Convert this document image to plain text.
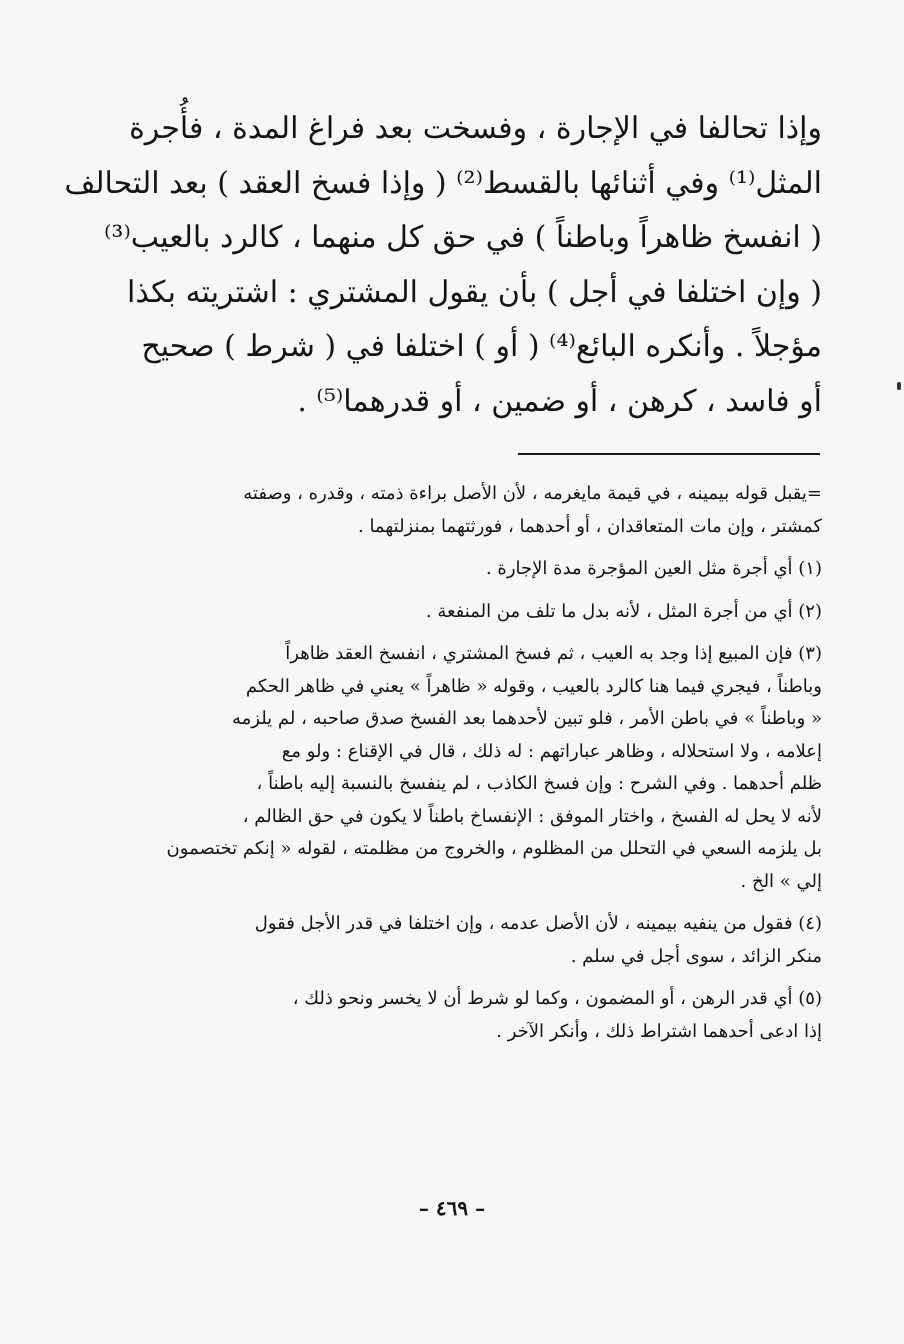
وإذا تحالفا في الإجارة ، وفسخت بعد فراغ المدة ، فأُجرة
المثل⁽¹⁾ وفي أثنائها بالقسط⁽²⁾ ( وإذا فسخ العقد ) بعد التحالف
( انفسخ ظاهراً وباطناً ) في حق كل منهما ، كالرد بالعيب⁽³⁾
( وإن اختلفا في أجل ) بأن يقول المشتري : اشتريته بكذا
مؤجلاً . وأنكره البائع⁽⁴⁾ ( أو ) اختلفا في ( شرط ) صحيح
أو فاسد ، كرهن ، أو ضمين ، أو قدرهما⁽⁵⁾ .
=يقبل قوله بيمينه ، في قيمة مايغرمه ، لأن الأصل براءة ذمته ، وقدره ، وصفته
كمشتر ، وإن مات المتعاقدان ، أو أحدهما ، فورثتهما بمنزلتهما .
(١) أي أجرة مثل العين المؤجرة مدة الإجارة .
(٢) أي من أجرة المثل ، لأنه بدل ما تلف من المنفعة .
(٣) فإن المبيع إذا وجد به العيب ، ثم فسخ المشتري ، انفسخ العقد ظاهراً
وباطناً ، فيجري فيما هنا كالرد بالعيب ، وقوله « ظاهراً » يعني في ظاهر الحكم
« وباطناً » في باطن الأمر ، فلو تبين لأحدهما بعد الفسخ صدق صاحبه ، لم يلزمه
إعلامه ، ولا استحلاله ، وظاهر عباراتهم : له ذلك ، قال في الإقناع : ولو مع
ظلم أحدهما . وفي الشرح : وإن فسخ الكاذب ، لم ينفسخ بالنسبة إليه باطناً ،
لأنه لا يحل له الفسخ ، واختار الموفق : الإنفساخ باطناً لا يكون في حق الظالم ،
بل يلزمه السعي في التحلل من المظلوم ، والخروج من مظلمته ، لقوله « إنكم تختصمون
إلي » الخ .
(٤) فقول من ينفيه بيمينه ، لأن الأصل عدمه ، وإن اختلفا في قدر الأجل فقول
منكر الزائد ، سوى أجل في سلم .
(٥) أي قدر الرهن ، أو المضمون ، وكما لو شرط أن لا يخسر ونحو ذلك ،
إذا ادعى أحدهما اشتراط ذلك ، وأنكر الآخر .
– ٤٦٩ –
